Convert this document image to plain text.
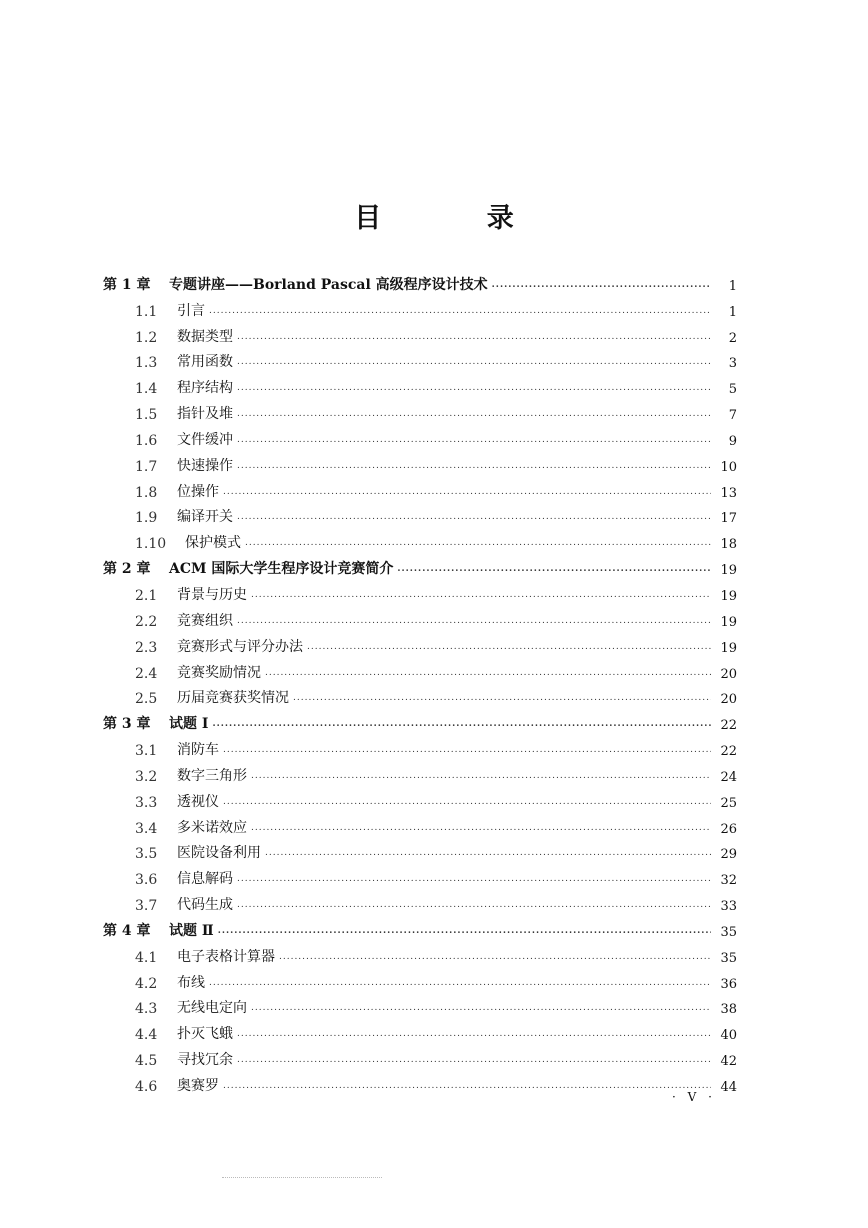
目 录
第 1 章	专题讲座——Borland Pascal 高级程序设计技术 .....	1
1.1	引言 .....	1
1.2	数据类型 .....	2
1.3	常用函数 .....	3
1.4	程序结构 .....	5
1.5	指针及堆 .....	7
1.6	文件缓冲 .....	9
1.7	快速操作 .....	10
1.8	位操作 .....	13
1.9	编译开关 .....	17
1.10	保护模式 .....	18
第 2 章	ACM 国际大学生程序设计竞赛简介 .....	19
2.1	背景与历史 .....	19
2.2	竞赛组织 .....	19
2.3	竞赛形式与评分办法 .....	19
2.4	竞赛奖励情况 .....	20
2.5	历届竞赛获奖情况 .....	20
第 3 章	试题 I .....	22
3.1	消防车 .....	22
3.2	数字三角形 .....	24
3.3	透视仪 .....	25
3.4	多米诺效应 .....	26
3.5	医院设备利用 .....	29
3.6	信息解码 .....	32
3.7	代码生成 .....	33
第 4 章	试题 Ⅱ .....	35
4.1	电子表格计算器 .....	35
4.2	布线 .....	36
4.3	无线电定向 .....	38
4.4	扑灭飞蛾 .....	40
4.5	寻找冗余 .....	42
4.6	奥赛罗 .....	44
· V ·
